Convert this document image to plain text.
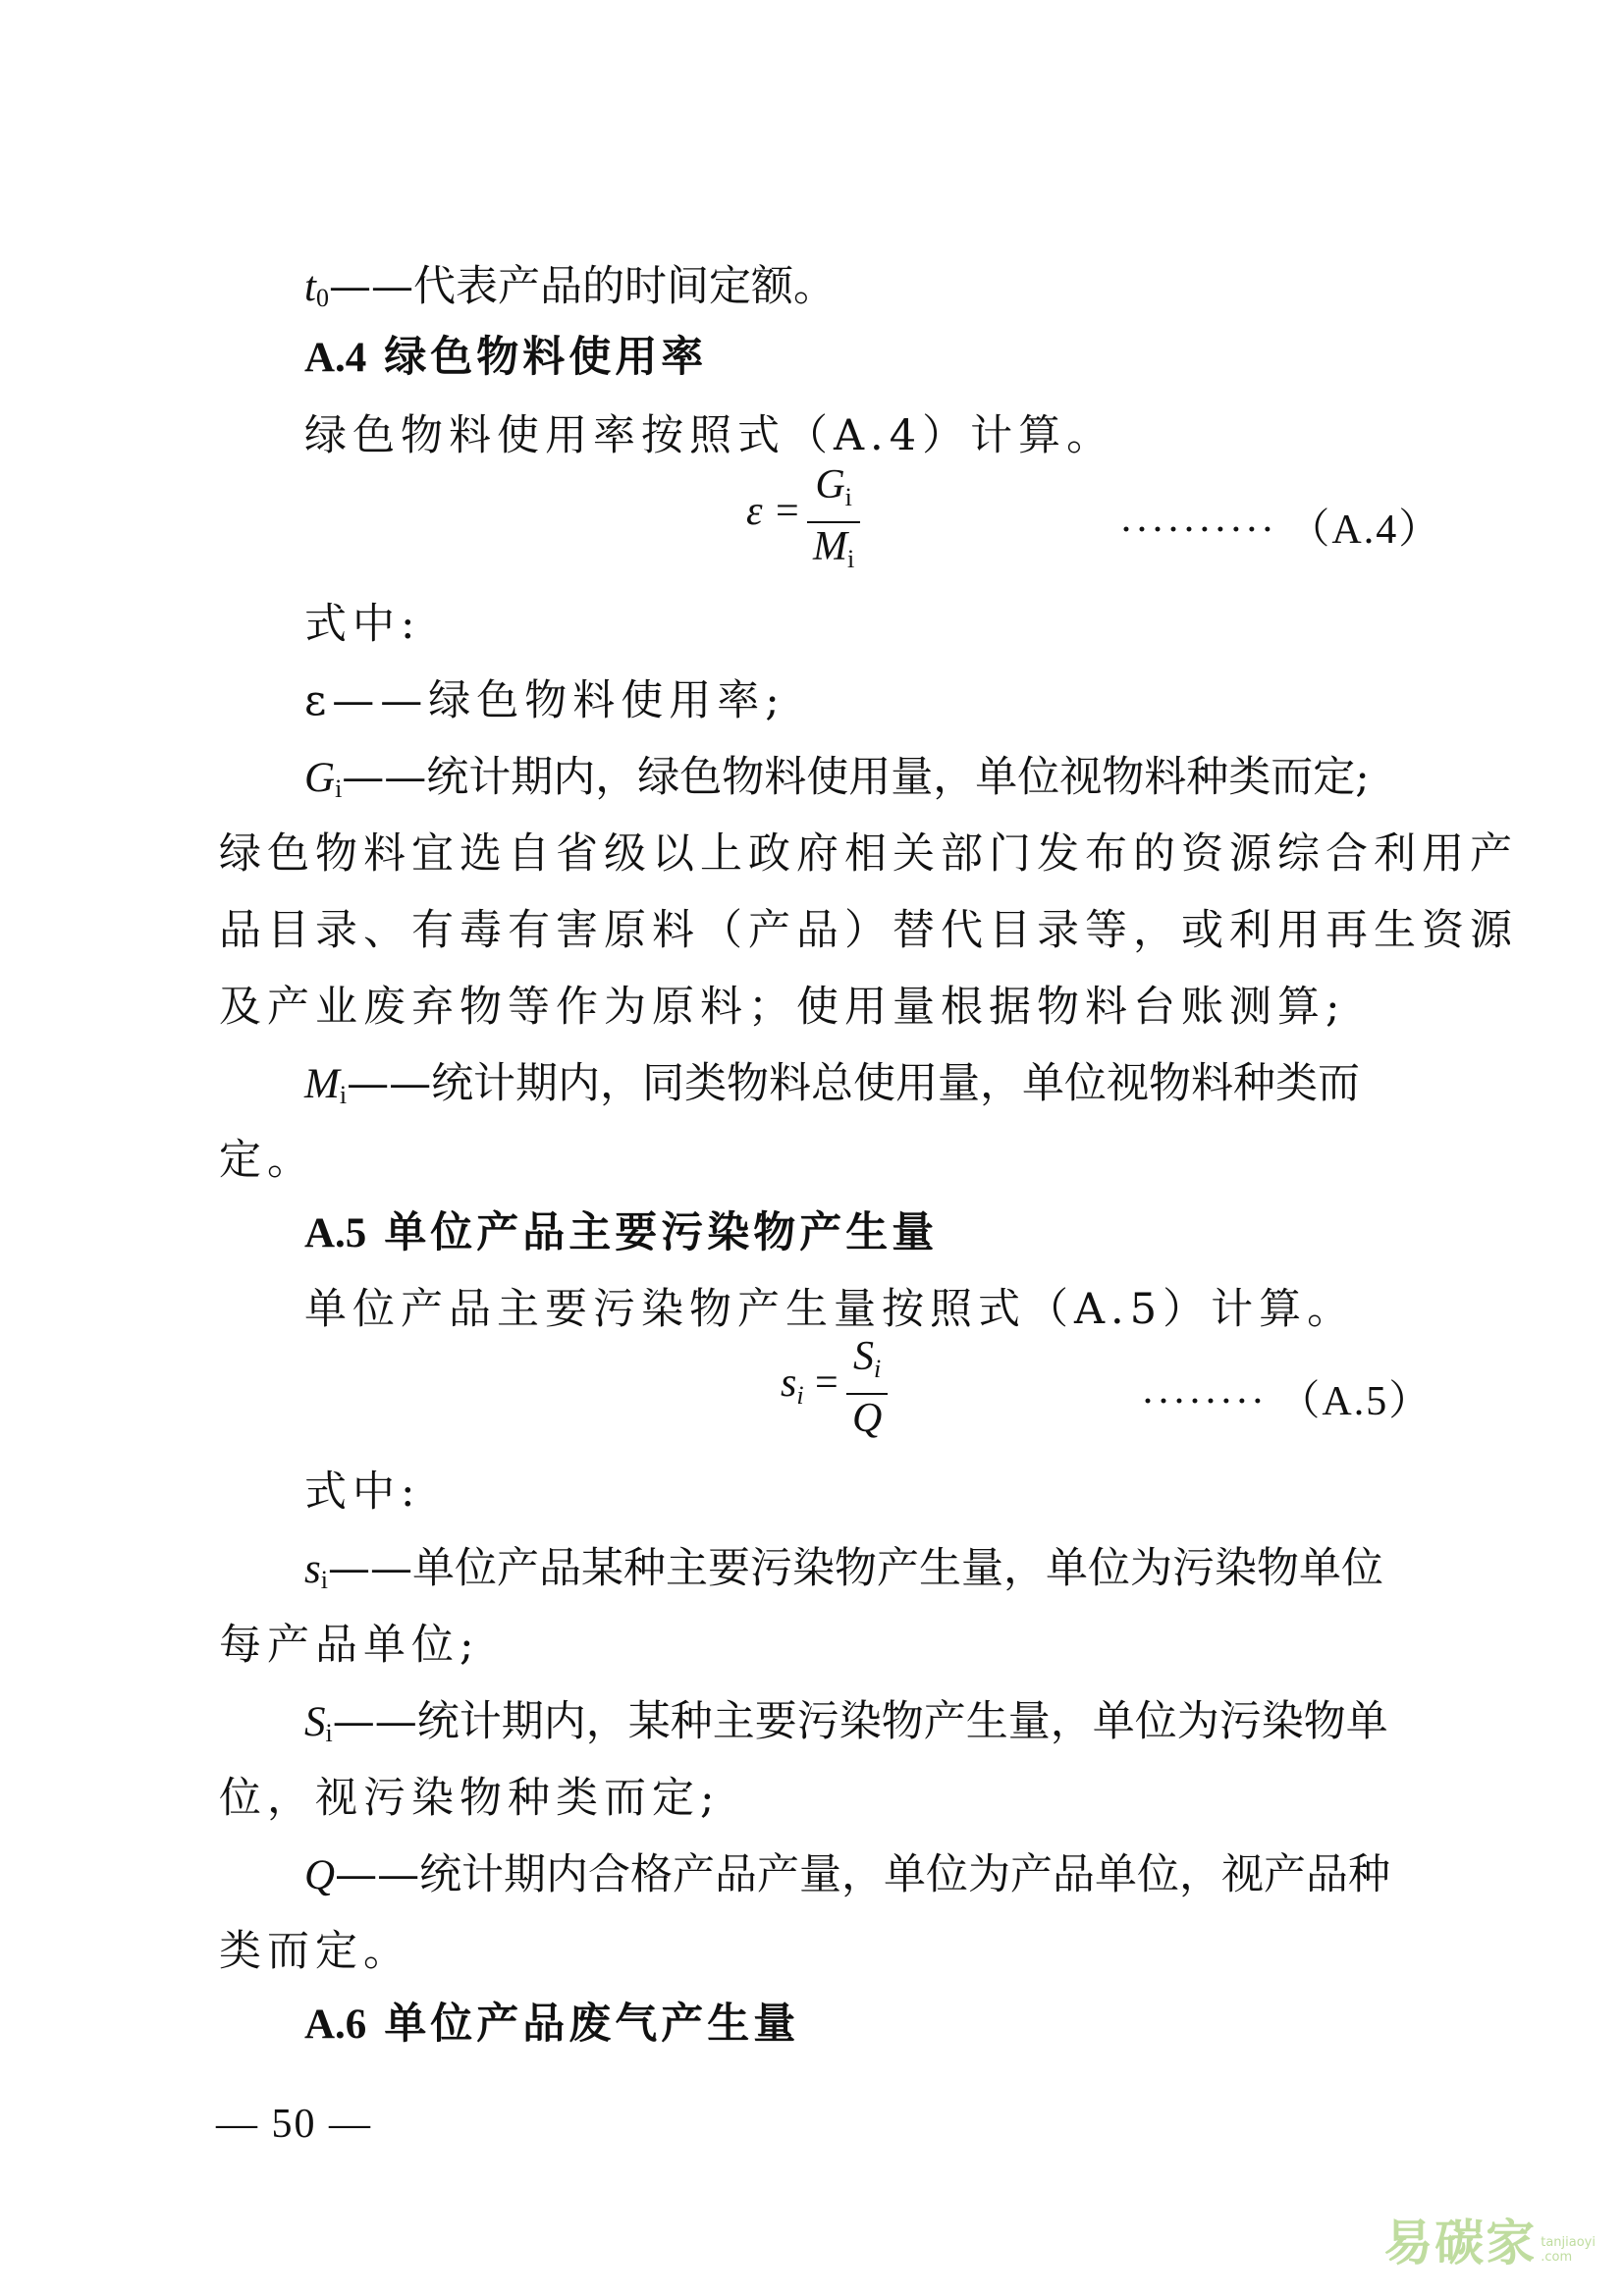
$t_0——$代表产品的时间定额。
A.4 绿色物料使用率
绿色物料使用率按照式（A.4）计算。
ε =
Gi
Mi
·········· （A.4）
式中:
ε——绿色物料使用率;
$G_i——$统计期内，绿色物料使用量，单位视物料种类而定;
绿色物料宜选自省级以上政府相关部门发布的资源综合利用产
品目录、有毒有害原料（产品）替代目录等，或利用再生资源
及产业废弃物等作为原料；使用量根据物料台账测算;
$M_i——$统计期内，同类物料总使用量，单位视物料种类而
定。
A.5 单位产品主要污染物产生量
单位产品主要污染物产生量按照式（A.5）计算。
si =
Si
Q	········ （A.5）
式中:
$s_i——$单位产品某种主要污染物产生量，单位为污染物单位
每产品单位;
$S_i——$统计期内，某种主要污染物产生量，单位为污染物单
位，视污染物种类而定;
Q——统计期内合格产品产量，单位为产品单位，视产品种
类而定。
A.6 单位产品废气产生量
— 50 —
易碳家 tanjiaoyi
.com
